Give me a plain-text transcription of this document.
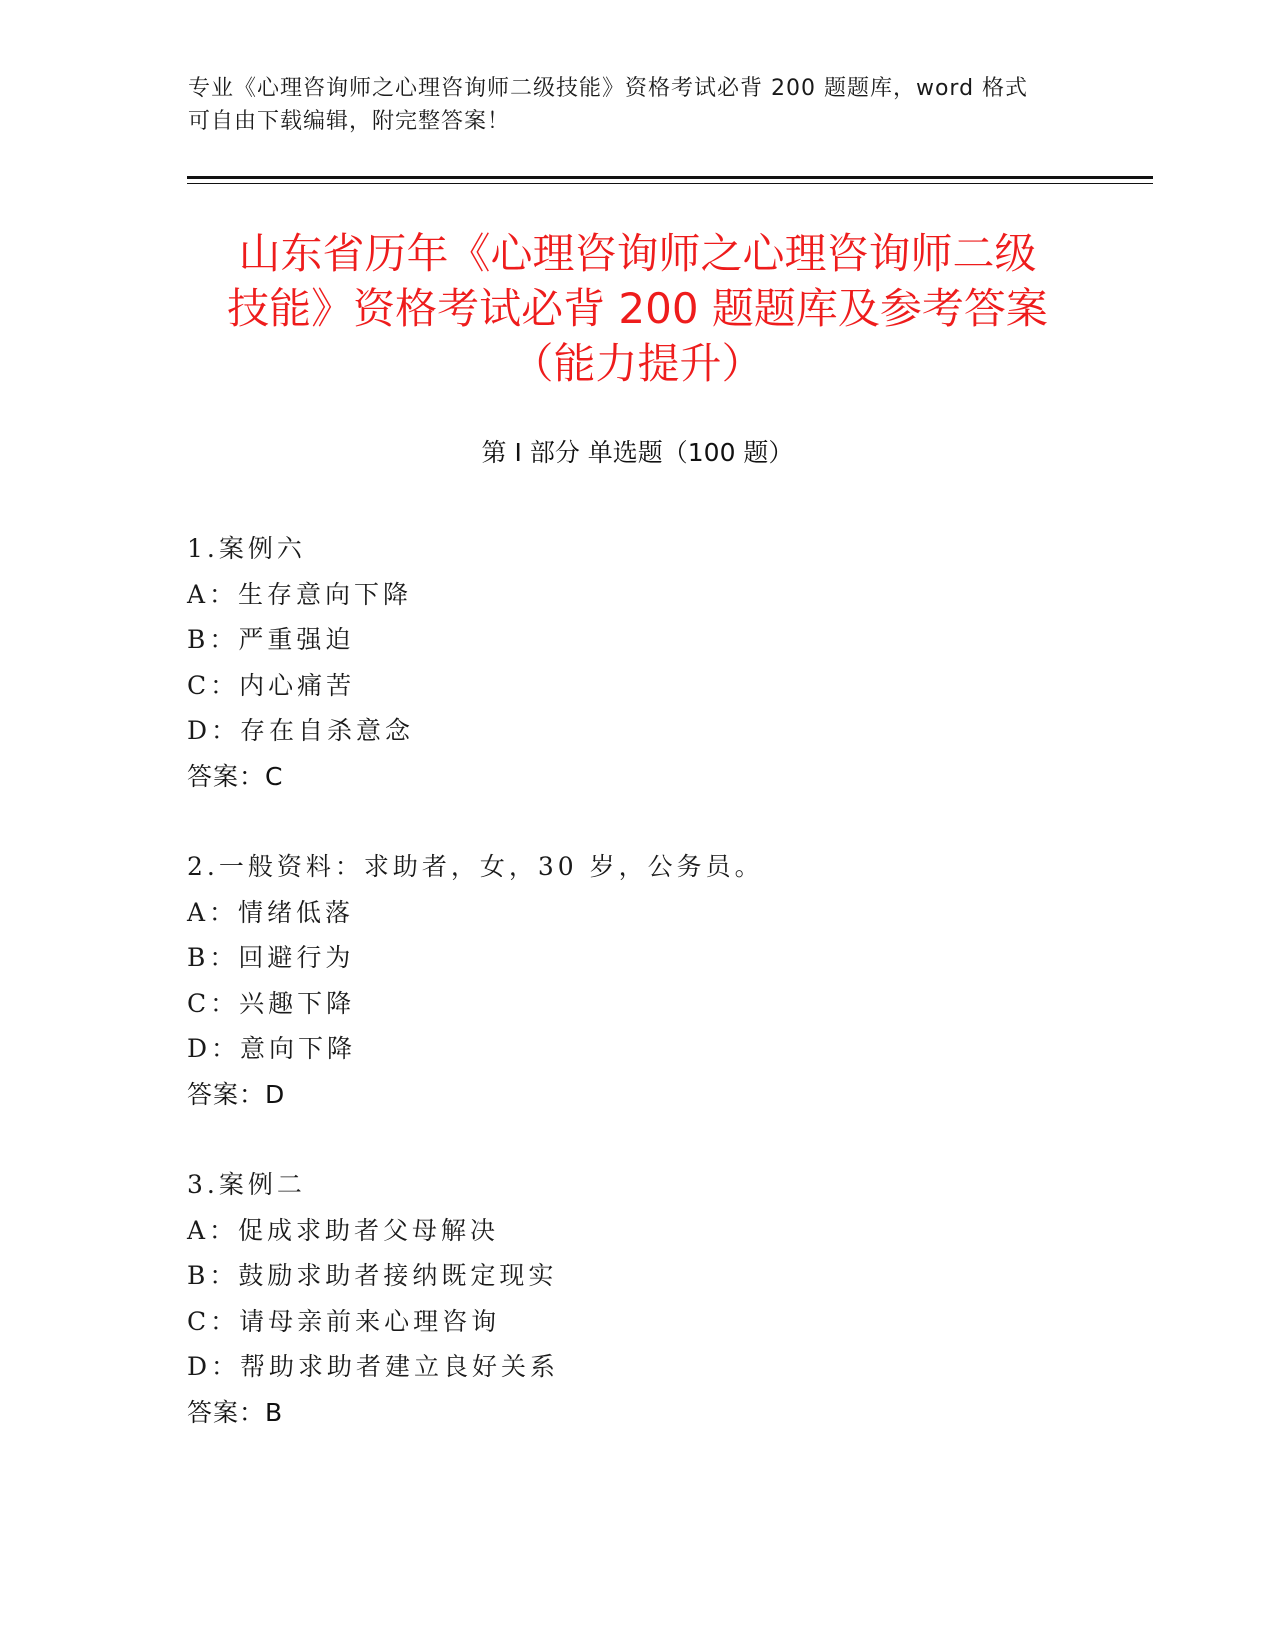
专业《心理咨询师之心理咨询师二级技能》资格考试必背 200 题题库，word 格式
可自由下载编辑，附完整答案！
山东省历年《心理咨询师之心理咨询师二级
技能》资格考试必背 200 题题库及参考答案
（能力提升）
第 I 部分 单选题（100 题）
1.案例六
A：生存意向下降
B：严重强迫
C：内心痛苦
D：存在自杀意念
答案：C
2.一般资料：求助者，女，30 岁，公务员。
A：情绪低落
B：回避行为
C：兴趣下降
D：意向下降
答案：D
3.案例二
A：促成求助者父母解决
B：鼓励求助者接纳既定现实
C：请母亲前来心理咨询
D：帮助求助者建立良好关系
答案：B
